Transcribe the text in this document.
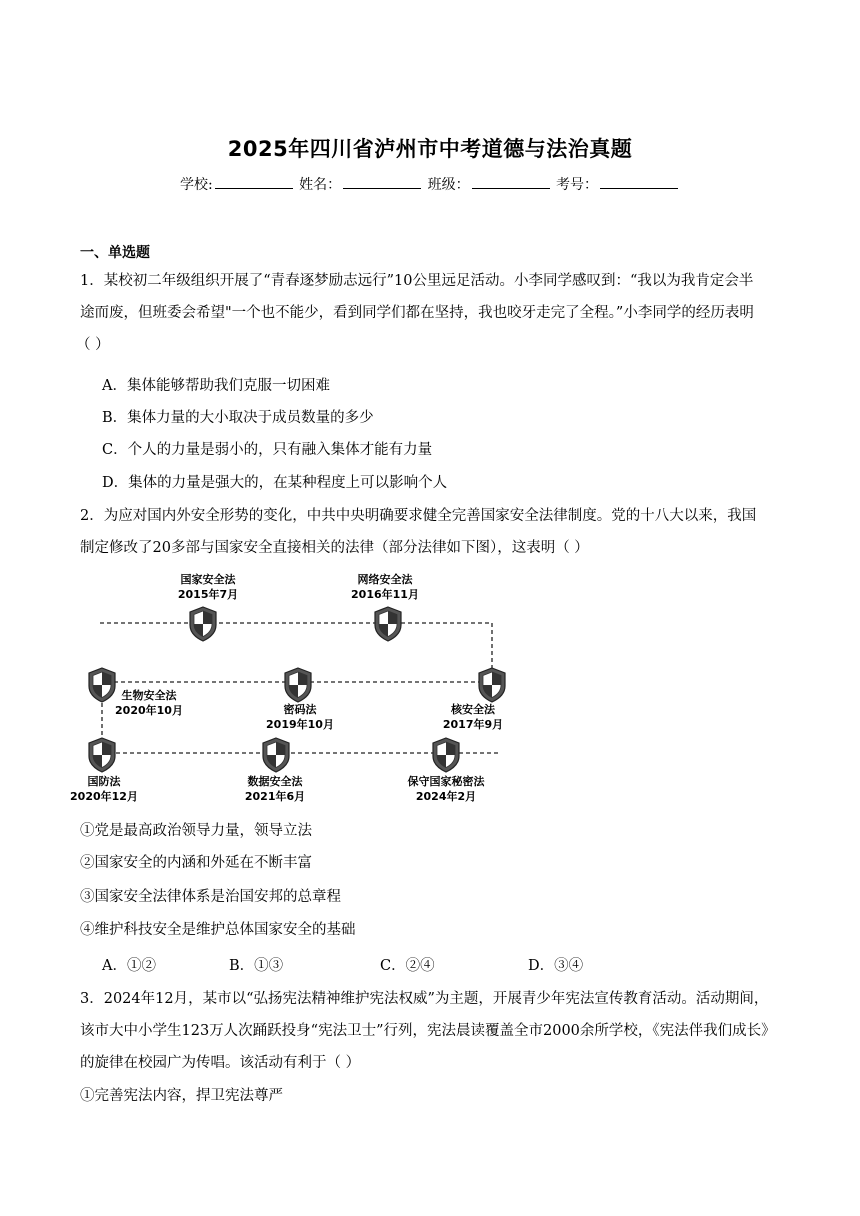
2025年四川省泸州市中考道德与法治真题
学校:	姓名：	班级：	考号：
一、单选题
1．某校初二年级组织开展了“青春逐梦励志远行”10公里远足活动。小李同学感叹到：“我以为我肯定会半
途而废，但班委会希望"一个也不能少，看到同学们都在坚持，我也咬牙走完了全程。”小李同学的经历表明
（ ）
A．集体能够帮助我们克服一切困难
B．集体力量的大小取决于成员数量的多少
C．个人的力量是弱小的，只有融入集体才能有力量
D．集体的力量是强大的，在某种程度上可以影响个人
2．为应对国内外安全形势的变化，中共中央明确要求健全完善国家安全法律制度。党的十八大以来，我国
制定修改了20多部与国家安全直接相关的法律（部分法律如下图），这表明（ ）
国家安全法
2015年7月
网络安全法
2016年11月
核安全法
2017年9月
密码法
2019年10月
生物安全法
2020年10月
国防法
2020年12月
数据安全法
2021年6月
保守国家秘密法
2024年2月
①党是最高政治领导力量，领导立法
②国家安全的内涵和外延在不断丰富
③国家安全法律体系是治国安邦的总章程
④维护科技安全是维护总体国家安全的基础
A．①②	B．①③	C．②④	D．③④
3．2024年12月，某市以“弘扬宪法精神维护宪法权威”为主题，开展青少年宪法宣传教育活动。活动期间，
该市大中小学生123万人次踊跃投身“宪法卫士”行列，宪法晨读覆盖全市2000余所学校，《宪法伴我们成长》
的旋律在校园广为传唱。该活动有利于（ ）
①完善宪法内容，捍卫宪法尊严
